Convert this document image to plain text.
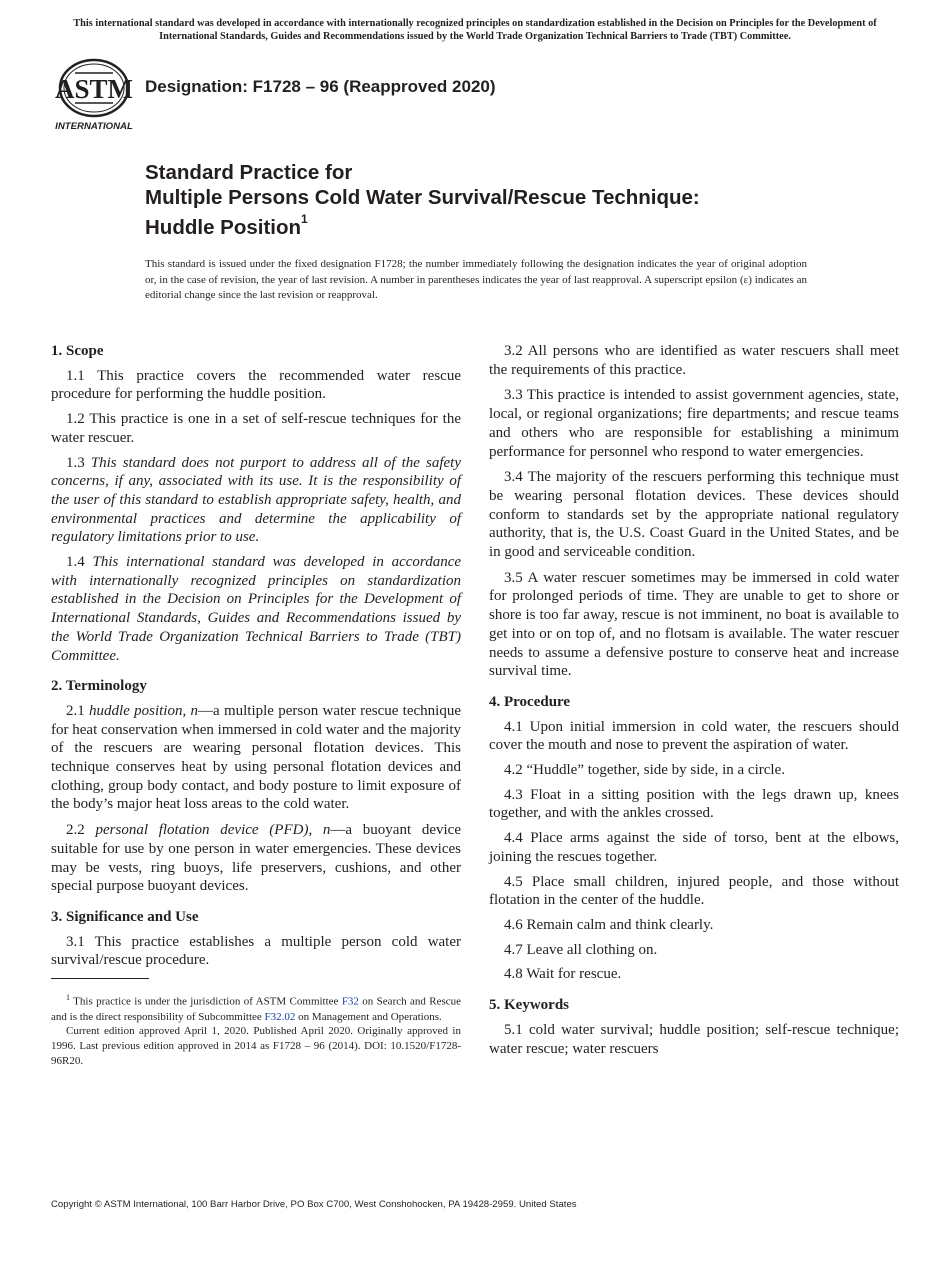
This international standard was developed in accordance with internationally recognized principles on standardization established in the Decision on Principles for the Development of International Standards, Guides and Recommendations issued by the World Trade Organization Technical Barriers to Trade (TBT) Committee.

ASTM
INTERNATIONAL
Designation: F1728 – 96 (Reapproved 2020)
Standard Practice for
Multiple Persons Cold Water Survival/Rescue Technique:
Huddle Position$^1$

This standard is issued under the fixed designation F1728; the number immediately following the designation indicates the year of original adoption or, in the case of revision, the year of last revision. A number in parentheses indicates the year of last reapproval. A superscript epsilon (ε) indicates an editorial change since the last revision or reapproval.

1. Scope

1.1 This practice covers the recommended water rescue procedure for performing the huddle position.

1.2 This practice is one in a set of self-rescue techniques for the water rescuer.

1.3 This standard does not purport to address all of the safety concerns, if any, associated with its use. It is the responsibility of the user of this standard to establish appropriate safety, health, and environmental practices and determine the applicability of regulatory limitations prior to use.

1.4 This international standard was developed in accordance with internationally recognized principles on standardization established in the Decision on Principles for the Development of International Standards, Guides and Recommendations issued by the World Trade Organization Technical Barriers to Trade (TBT) Committee.

2. Terminology

2.1 huddle position, n—a multiple person water rescue technique for heat conservation when immersed in cold water and the majority of the rescuers are wearing personal flotation devices. This technique conserves heat by using personal flotation devices and clothing, group body contact, and body posture to limit exposure of the body’s major heat loss areas to the cold water.

2.2 personal flotation device (PFD), n—a buoyant device suitable for use by one person in water emergencies. These devices may be vests, ring buoys, life preservers, cushions, and other special purpose buoyant devices.

3. Significance and Use

3.1 This practice establishes a multiple person cold water survival/rescue procedure.

$^1$ This practice is under the jurisdiction of ASTM Committee F32 on Search and Rescue and is the direct responsibility of Subcommittee F32.02 on Management and Operations.

Current edition approved April 1, 2020. Published April 2020. Originally approved in 1996. Last previous edition approved in 2014 as F1728 – 96 (2014). DOI: 10.1520/F1728-96R20.

3.2 All persons who are identified as water rescuers shall meet the requirements of this practice.

3.3 This practice is intended to assist government agencies, state, local, or regional organizations; fire departments; and rescue teams and others who are responsible for establishing a minimum performance for personnel who respond to water emergencies.

3.4 The majority of the rescuers performing this technique must be wearing personal flotation devices. These devices should conform to standards set by the appropriate national regulatory authority, that is, the U.S. Coast Guard in the United States, and be in good and serviceable condition.

3.5 A water rescuer sometimes may be immersed in cold water for prolonged periods of time. They are unable to get to shore or shore is too far away, rescue is not imminent, no boat is available to get into or on top of, and no flotsam is available. The water rescuer needs to assume a defensive posture to conserve heat and increase survival time.

4. Procedure

4.1 Upon initial immersion in cold water, the rescuers should cover the mouth and nose to prevent the aspiration of water.

4.2 “Huddle” together, side by side, in a circle.

4.3 Float in a sitting position with the legs drawn up, knees together, and with the ankles crossed.

4.4 Place arms against the side of torso, bent at the elbows, joining the rescues together.

4.5 Place small children, injured people, and those without flotation in the center of the huddle.

4.6 Remain calm and think clearly.

4.7 Leave all clothing on.

4.8 Wait for rescue.

5. Keywords

5.1 cold water survival; huddle position; self-rescue technique; water rescue; water rescuers

Copyright © ASTM International, 100 Barr Harbor Drive, PO Box C700, West Conshohocken, PA 19428-2959. United States
